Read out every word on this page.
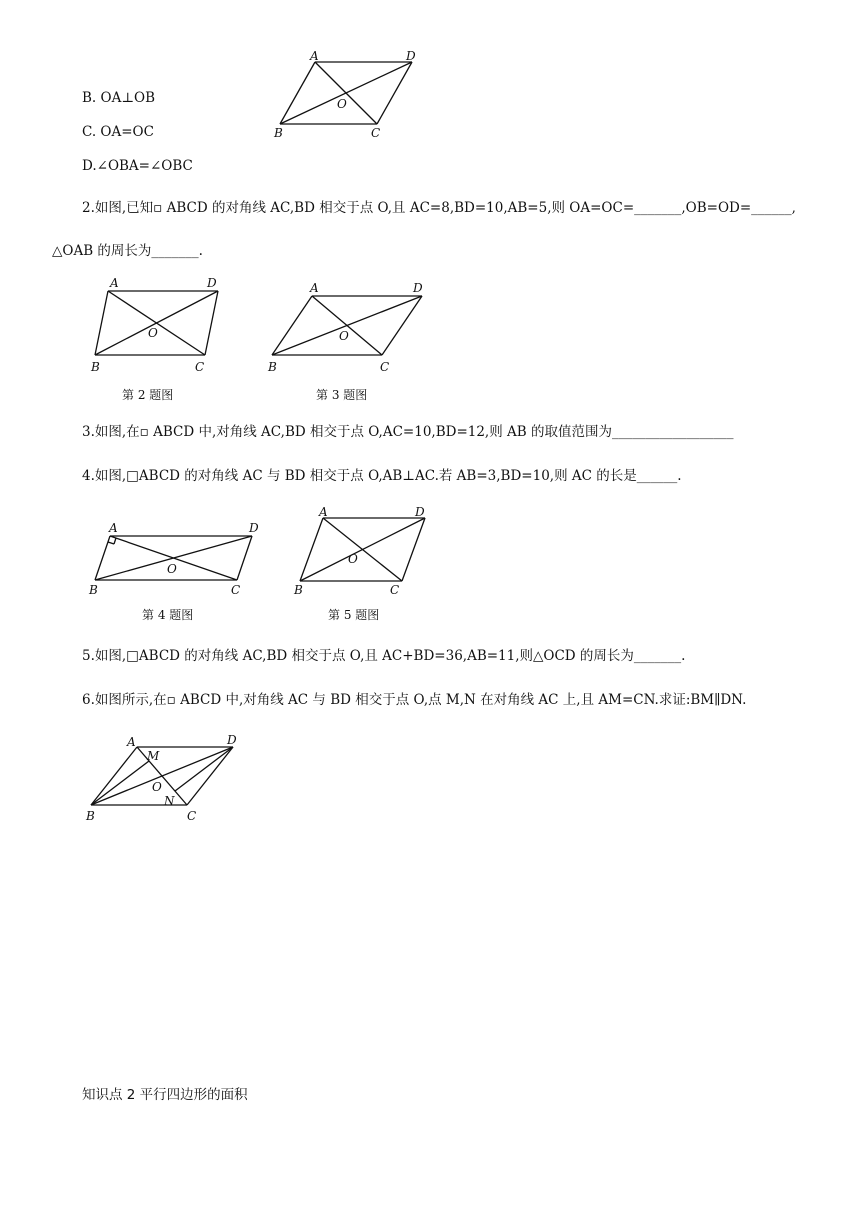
B. OA⊥OB
C. OA=OC
D.∠OBA=∠OBC
A	D
B	C
O
2.如图,已知▫ ABCD 的对角线 AC,BD 相交于点 O,且 AC=8,BD=10,AB=5,则 OA=OC=_______,OB=OD=______,
△OAB 的周长为_______.
A	D
B	C
O
第 2 题图
A	D
B	C
O
第 3 题图
3.如图,在▫ ABCD 中,对角线 AC,BD 相交于点 O,AC=10,BD=12,则 AB 的取值范围为__________________
4.如图,□ABCD 的对角线 AC 与 BD 相交于点 O,AB⊥AC.若 AB=3,BD=10,则 AC 的长是______.
A	D
B	C
O
第 4 题图
A	D
B	C
O
第 5 题图
5.如图,□ABCD 的对角线 AC,BD 相交于点 O,且 AC+BD=36,AB=11,则△OCD 的周长为_______.
6.如图所示,在▫ ABCD 中,对角线 AC 与 BD 相交于点 O,点 M,N 在对角线 AC 上,且 AM=CN.求证:BM∥DN.
A	D
B	C
M
O
N
知识点 2 平行四边形的面积
